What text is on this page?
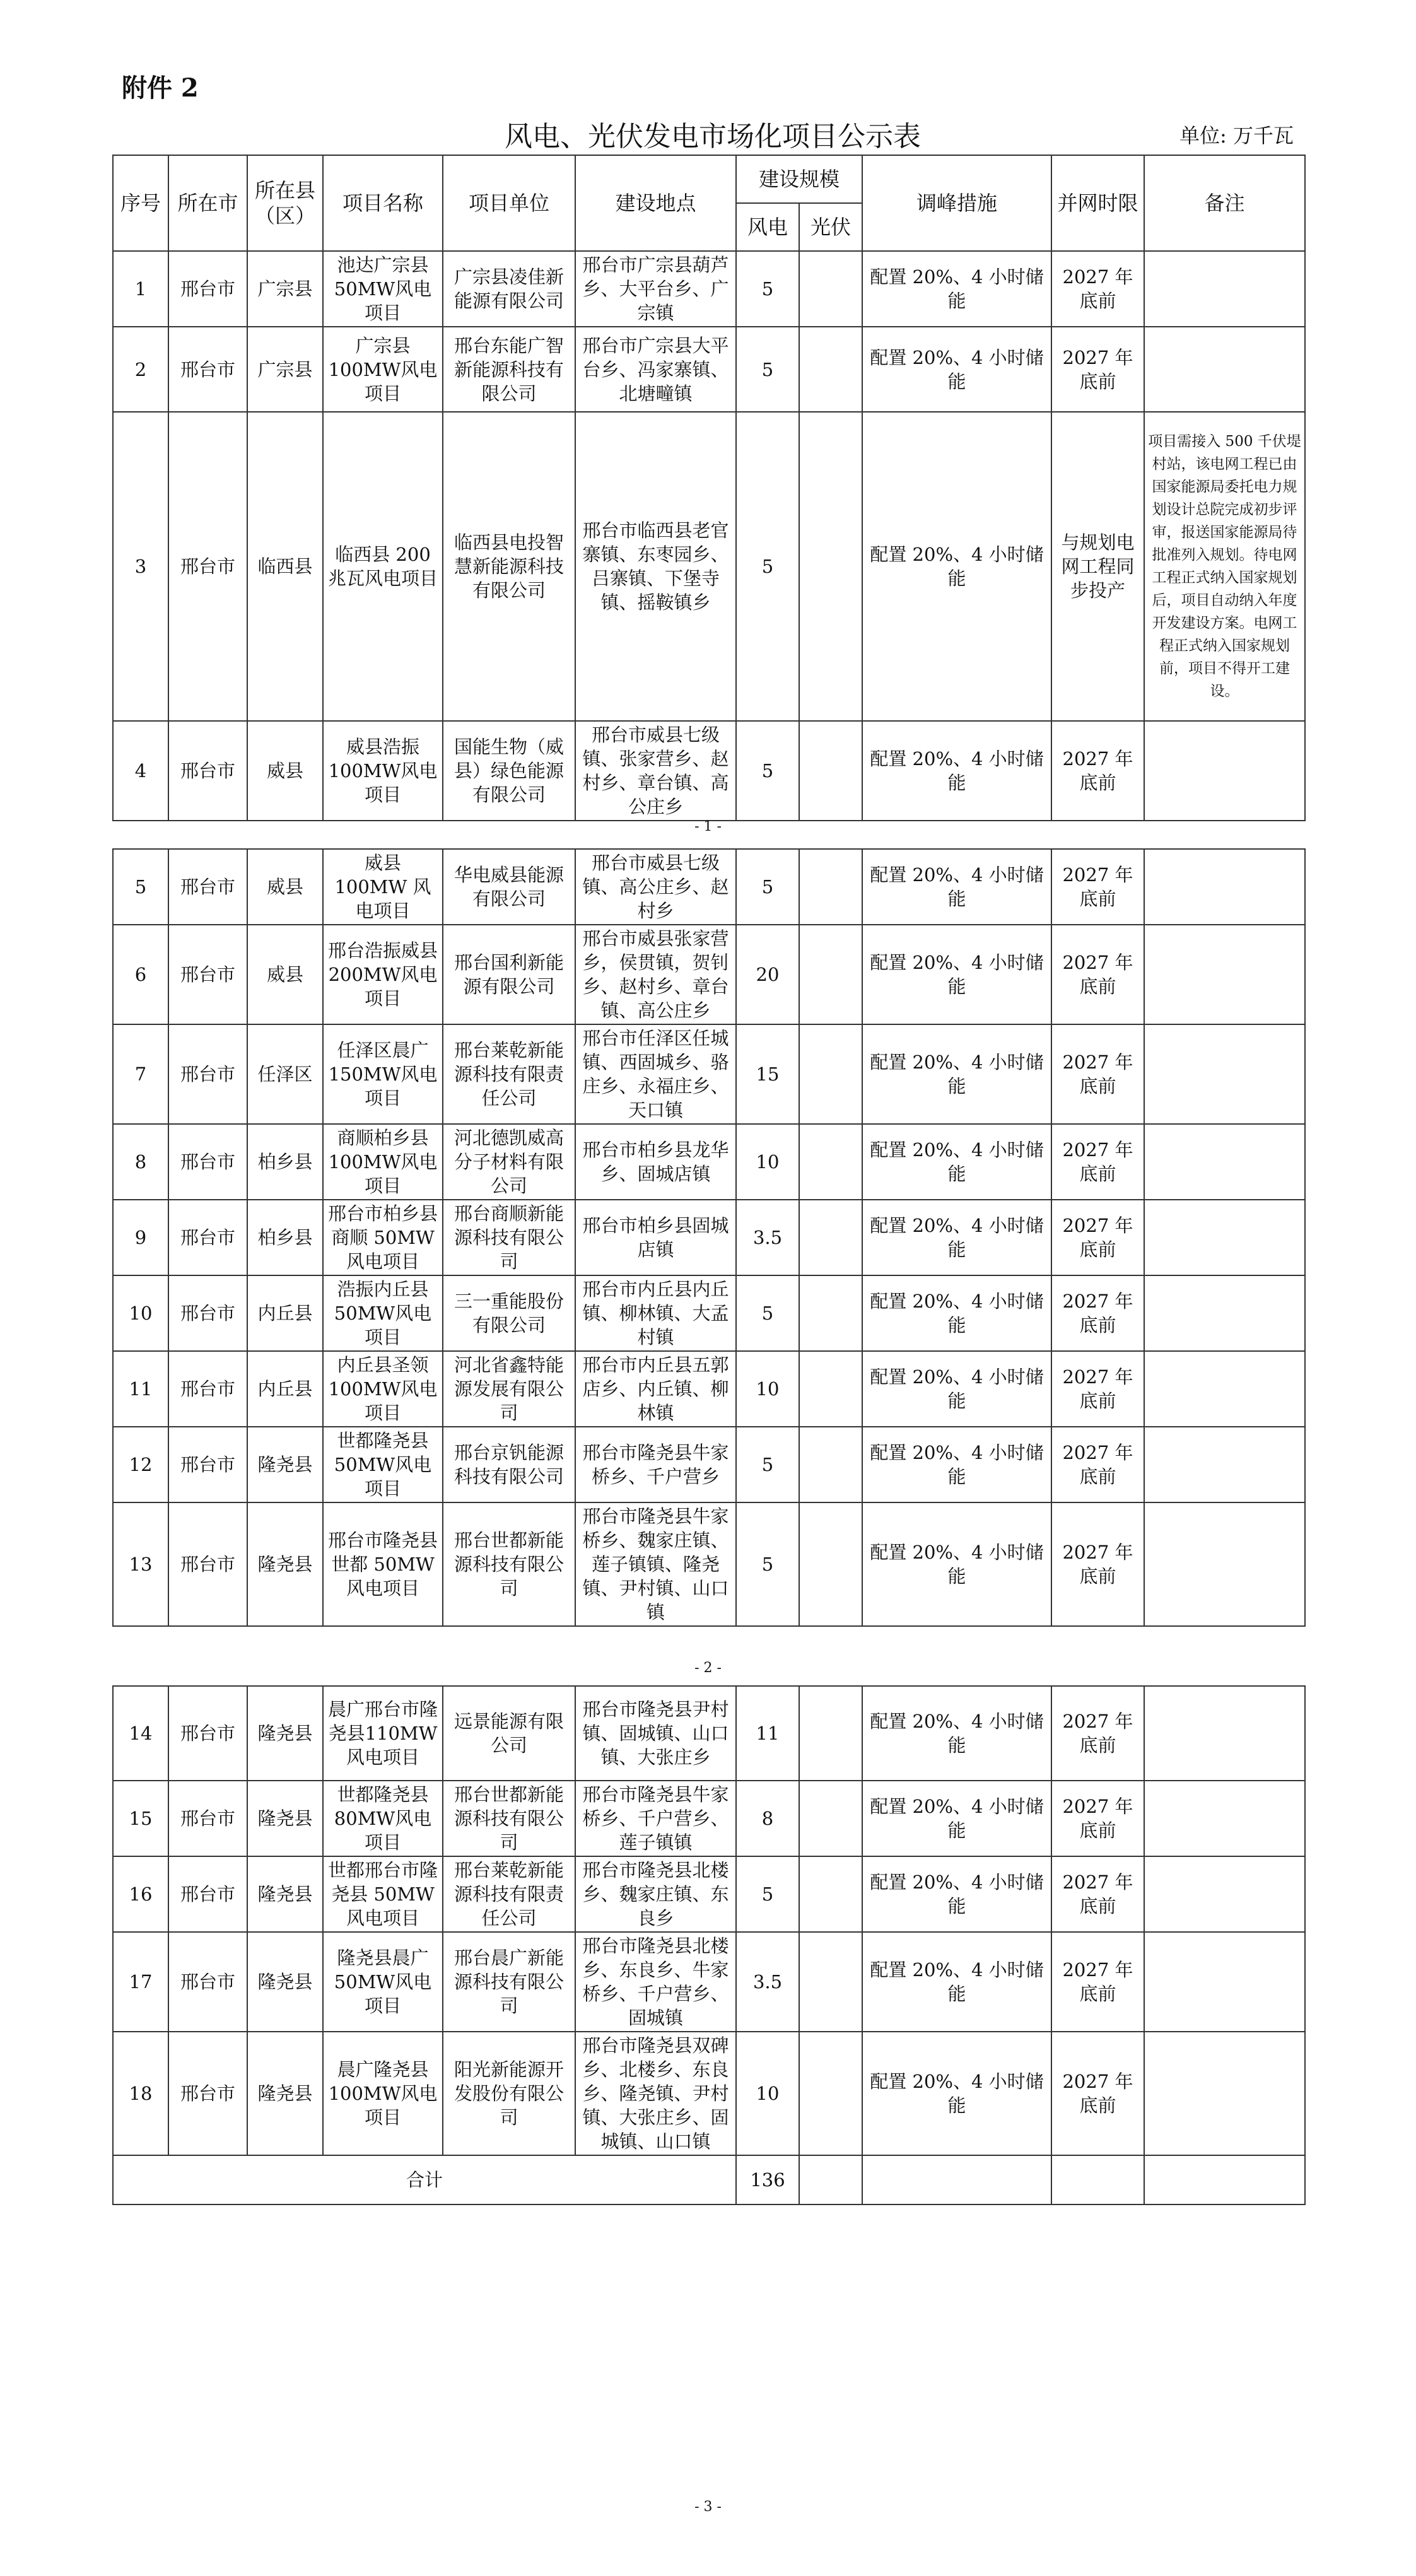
附件 2
风电、光伏发电市场化项目公示表	单位: 万千瓦
序号	所在市	所在县（区）	项目名称	项目单位	建设地点	建设规模		调峰措施	并网时限	备注
						风电	光伏			
1	邢台市	广宗县	池达广宗县50MW风电项目	广宗县凌佳新能源有限公司	邢台市广宗县葫芦乡、大平台乡、广宗镇	5		配置 20%、4 小时储能	2027 年底前	
2	邢台市	广宗县	广宗县100MW风电项目	邢台东能广智新能源科技有限公司	邢台市广宗县大平台乡、冯家寨镇、北塘疃镇	5		配置 20%、4 小时储能	2027 年底前	
3	邢台市	临西县	临西县 200 兆瓦风电项目	临西县电投智慧新能源科技有限公司	邢台市临西县老官寨镇、东枣园乡、吕寨镇、下堡寺镇、摇鞍镇乡	5		配置 20%、4 小时储能	与规划电网工程同步投产	项目需接入 500 千伏堤村站，该电网工程已由国家能源局委托电力规划设计总院完成初步评审，报送国家能源局待批准列入规划。待电网工程正式纳入国家规划后，项目自动纳入年度开发建设方案。电网工程正式纳入国家规划前，项目不得开工建设。
4	邢台市	威县	威县浩振100MW风电项目	国能生物（威县）绿色能源有限公司	邢台市威县七级镇、张家营乡、赵村乡、章台镇、高公庄乡	5		配置 20%、4 小时储能	2027 年底前	
- 1 -
5	邢台市	威县	威县 100MW 风电项目	华电威县能源有限公司	邢台市威县七级镇、高公庄乡、赵村乡	5		配置 20%、4 小时储能	2027 年底前	
6	邢台市	威县	邢台浩振威县200MW风电项目	邢台国利新能源有限公司	邢台市威县张家营乡，侯贯镇，贺钊乡、赵村乡、章台镇、高公庄乡	20		配置 20%、4 小时储能	2027 年底前	
7	邢台市	任泽区	任泽区晨广150MW风电项目	邢台莱乾新能源科技有限责任公司	邢台市任泽区任城镇、西固城乡、骆庄乡、永福庄乡、天口镇	15		配置 20%、4 小时储能	2027 年底前	
8	邢台市	柏乡县	商顺柏乡县100MW风电项目	河北德凯威高分子材料有限公司	邢台市柏乡县龙华乡、固城店镇	10		配置 20%、4 小时储能	2027 年底前	
9	邢台市	柏乡县	邢台市柏乡县商顺 50MW 风电项目	邢台商顺新能源科技有限公司	邢台市柏乡县固城店镇	3.5		配置 20%、4 小时储能	2027 年底前	
10	邢台市	内丘县	浩振内丘县50MW风电项目	三一重能股份有限公司	邢台市内丘县内丘镇、柳林镇、大孟村镇	5		配置 20%、4 小时储能	2027 年底前	
11	邢台市	内丘县	内丘县圣领100MW风电项目	河北省鑫特能源发展有限公司	邢台市内丘县五郭店乡、内丘镇、柳林镇	10		配置 20%、4 小时储能	2027 年底前	
12	邢台市	隆尧县	世都隆尧县50MW风电项目	邢台京钒能源科技有限公司	邢台市隆尧县牛家桥乡、千户营乡	5		配置 20%、4 小时储能	2027 年底前	
13	邢台市	隆尧县	邢台市隆尧县世都 50MW风电项目	邢台世都新能源科技有限公司	邢台市隆尧县牛家桥乡、魏家庄镇、莲子镇镇、隆尧镇、尹村镇、山口镇	5		配置 20%、4 小时储能	2027 年底前	
- 2 -
14	邢台市	隆尧县	晨广邢台市隆尧县110MW风电项目	远景能源有限公司	邢台市隆尧县尹村镇、固城镇、山口镇、大张庄乡	11		配置 20%、4 小时储能	2027 年底前	
15	邢台市	隆尧县	世都隆尧县80MW风电项目	邢台世都新能源科技有限公司	邢台市隆尧县牛家桥乡、千户营乡、莲子镇镇	8		配置 20%、4 小时储能	2027 年底前	
16	邢台市	隆尧县	世都邢台市隆尧县 50MW风电项目	邢台莱乾新能源科技有限责任公司	邢台市隆尧县北楼乡、魏家庄镇、东良乡	5		配置 20%、4 小时储能	2027 年底前	
17	邢台市	隆尧县	隆尧县晨广50MW风电项目	邢台晨广新能源科技有限公司	邢台市隆尧县北楼乡、东良乡、牛家桥乡、千户营乡、固城镇	3.5		配置 20%、4 小时储能	2027 年底前	
18	邢台市	隆尧县	晨广隆尧县100MW风电项目	阳光新能源开发股份有限公司	邢台市隆尧县双碑乡、北楼乡、东良乡、隆尧镇、尹村镇、大张庄乡、固城镇、山口镇	10		配置 20%、4 小时储能	2027 年底前	
合计						136				
- 3 -
